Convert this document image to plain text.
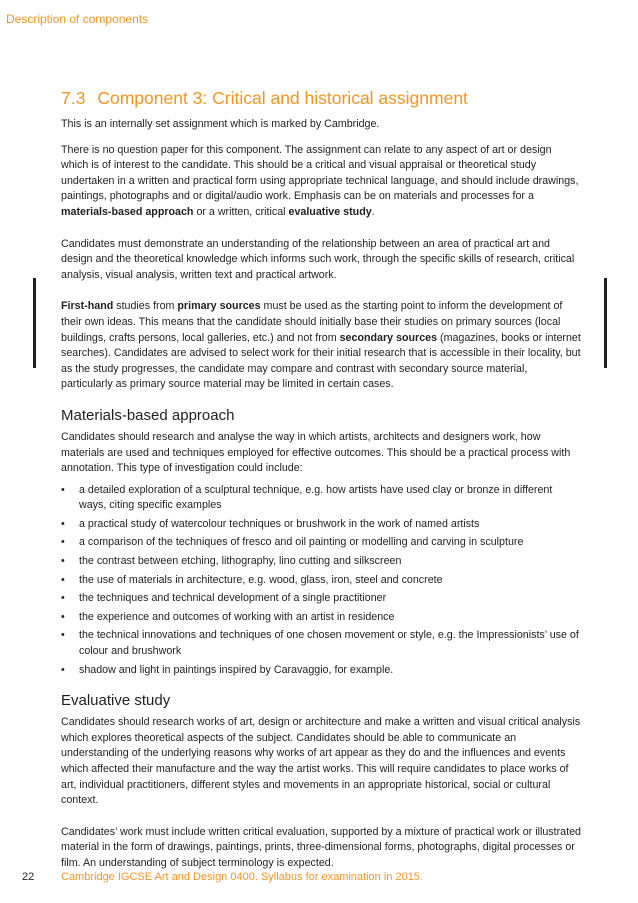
Description of components
7.3 Component 3: Critical and historical assignment

This is an internally set assignment which is marked by Cambridge.

There is no question paper for this component. The assignment can relate to any aspect of art or design which is of interest to the candidate. This should be a critical and visual appraisal or theoretical study undertaken in a written and practical form using appropriate technical language, and should include drawings, paintings, photographs and or digital/audio work. Emphasis can be on materials and processes for a materials-based approach or a written, critical evaluative study.

Candidates must demonstrate an understanding of the relationship between an area of practical art and design and the theoretical knowledge which informs such work, through the specific skills of research, critical analysis, visual analysis, written text and practical artwork.

First-hand studies from primary sources must be used as the starting point to inform the development of their own ideas. This means that the candidate should initially base their studies on primary sources (local buildings, crafts persons, local galleries, etc.) and not from secondary sources (magazines, books or internet searches). Candidates are advised to select work for their initial research that is accessible in their locality, but as the study progresses, the candidate may compare and contrast with secondary source material, particularly as primary source material may be limited in certain cases.

Materials-based approach

Candidates should research and analyse the way in which artists, architects and designers work, how materials are used and techniques employed for effective outcomes. This should be a practical process with annotation. This type of investigation could include:

• a detailed exploration of a sculptural technique, e.g. how artists have used clay or bronze in different ways, citing specific examples
• a practical study of watercolour techniques or brushwork in the work of named artists
• a comparison of the techniques of fresco and oil painting or modelling and carving in sculpture
• the contrast between etching, lithography, lino cutting and silkscreen
• the use of materials in architecture, e.g. wood, glass, iron, steel and concrete
• the techniques and technical development of a single practitioner
• the experience and outcomes of working with an artist in residence
• the technical innovations and techniques of one chosen movement or style, e.g. the Impressionists’ use of colour and brushwork
• shadow and light in paintings inspired by Caravaggio, for example.
Evaluative study

Candidates should research works of art, design or architecture and make a written and visual critical analysis which explores theoretical aspects of the subject. Candidates should be able to communicate an understanding of the underlying reasons why works of art appear as they do and the influences and events which affected their manufacture and the way the artist works. This will require candidates to place works of art, individual practitioners, different styles and movements in an appropriate historical, social or cultural context.

Candidates’ work must include written critical evaluation, supported by a mixture of practical work or illustrated material in the form of drawings, paintings, prints, three-dimensional forms, photographs, digital processes or film. An understanding of subject terminology is expected.

22 Cambridge IGCSE Art and Design 0400. Syllabus for examination in 2015.
